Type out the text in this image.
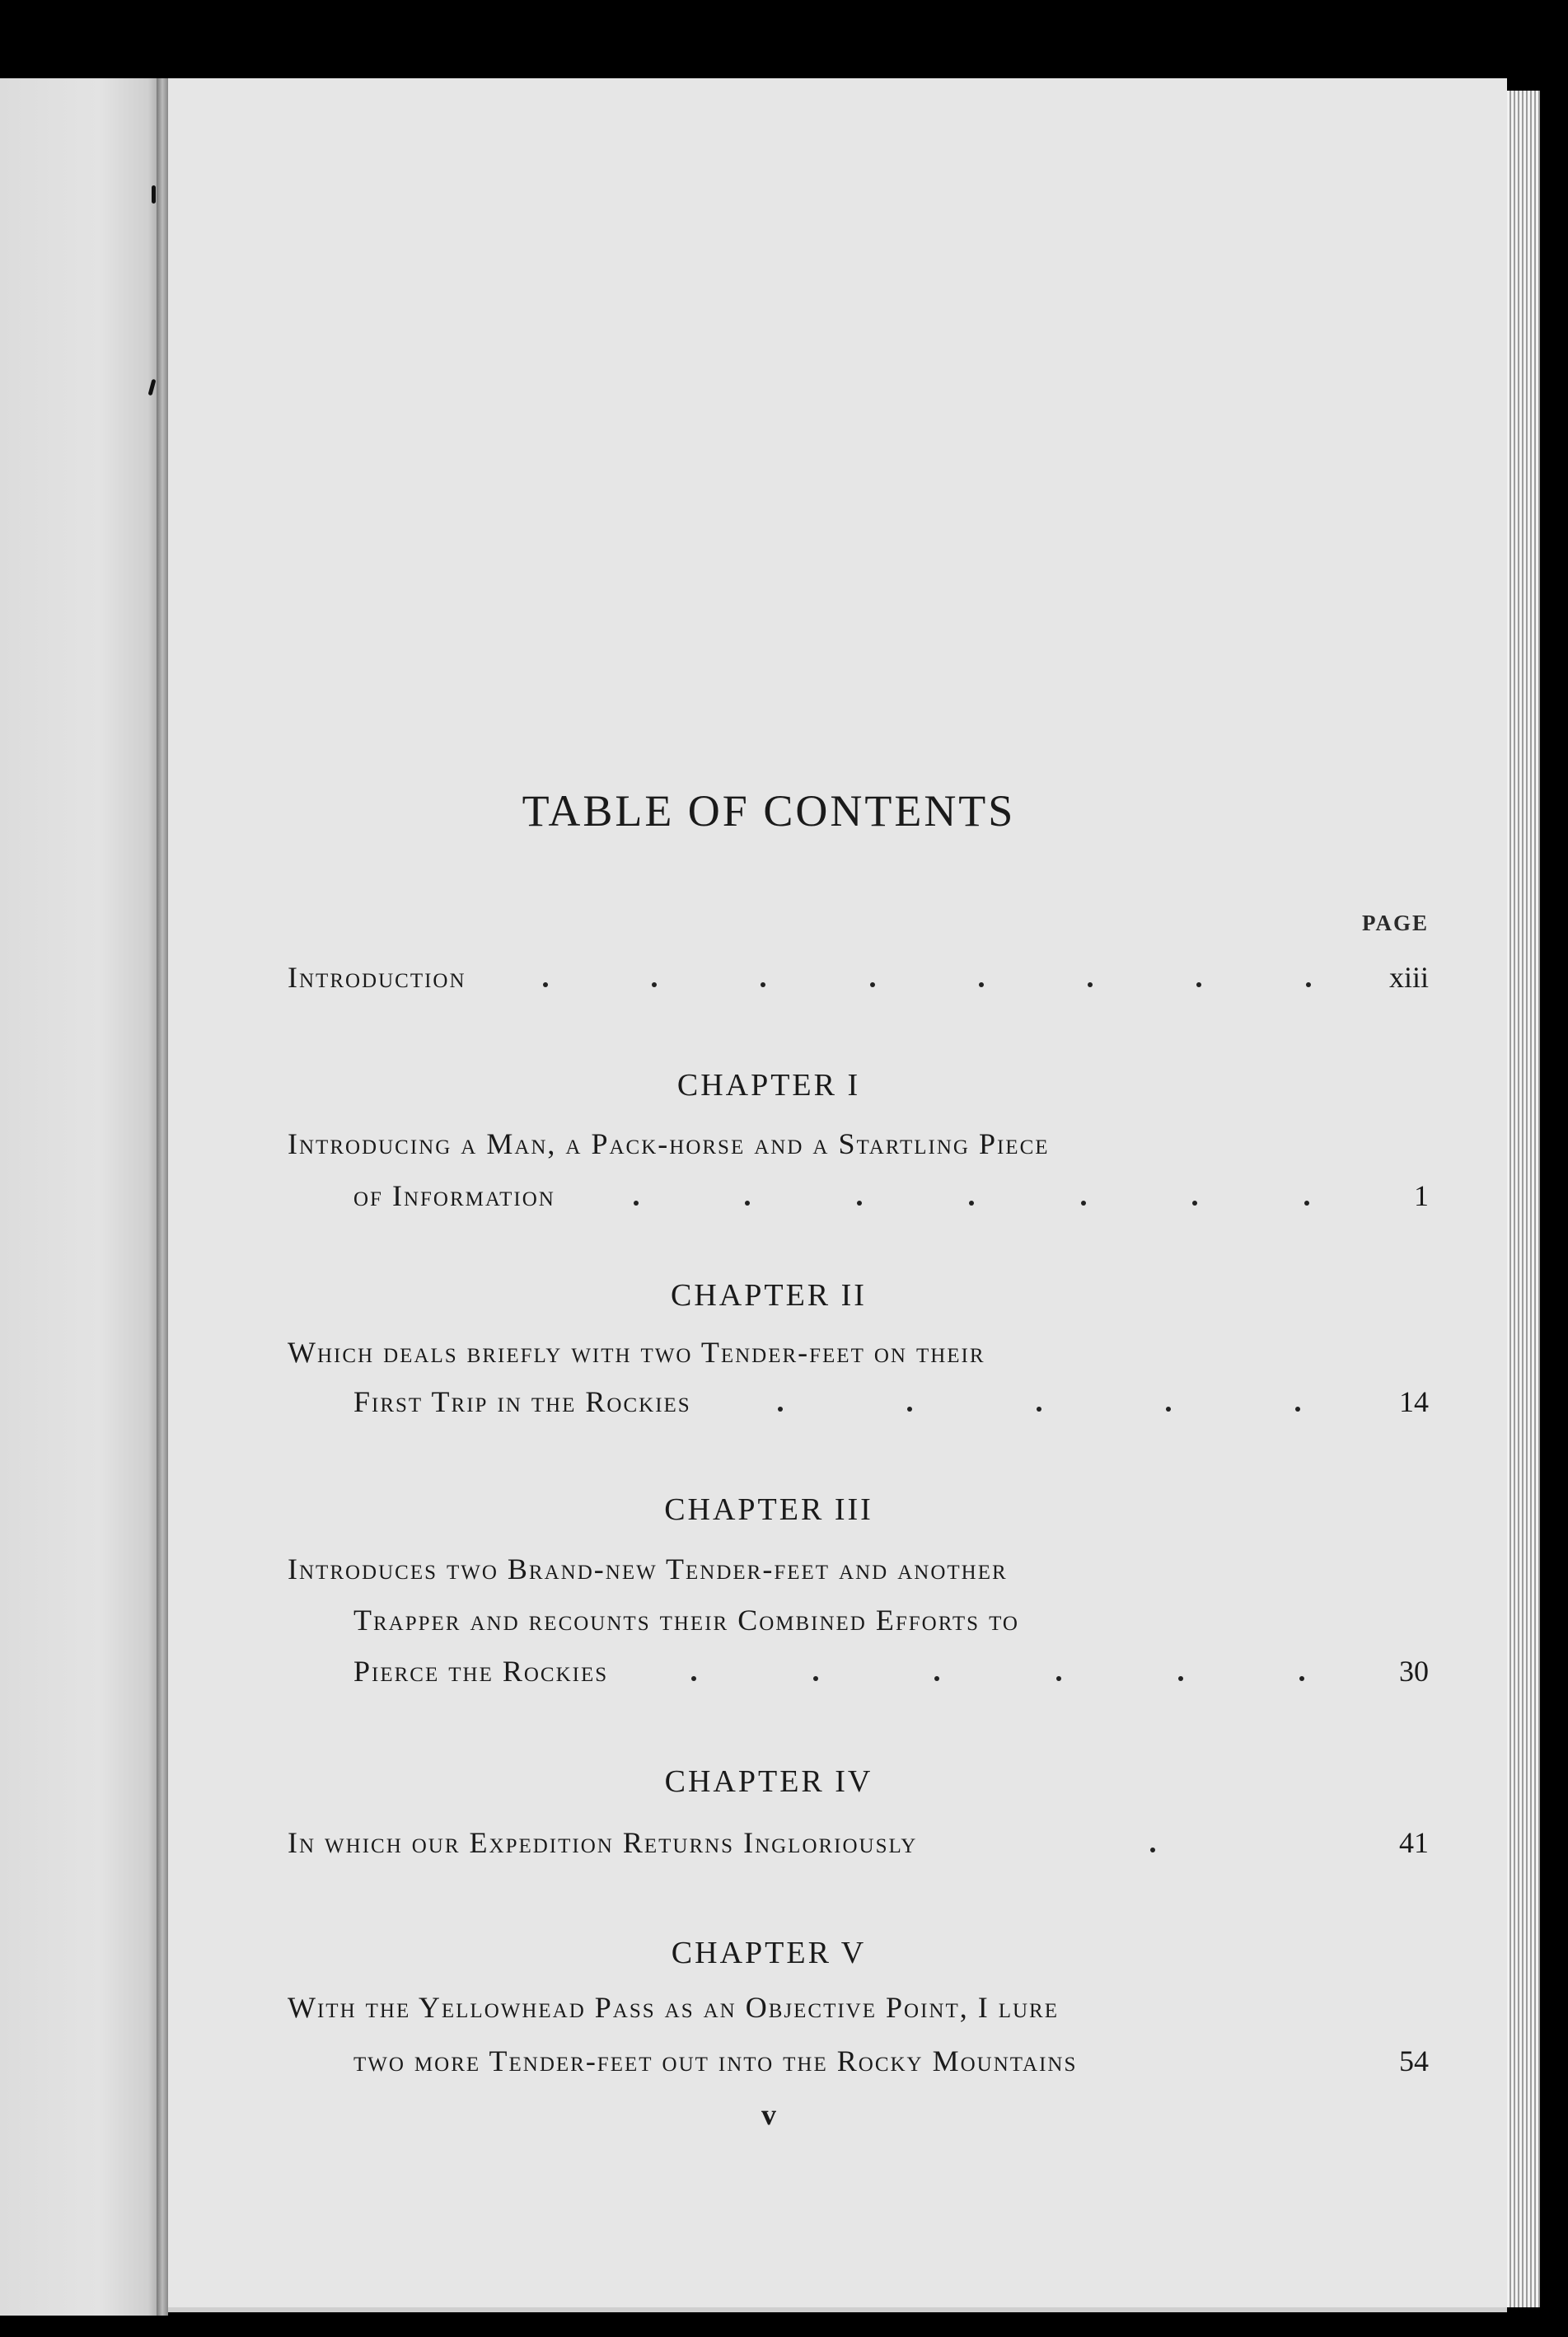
TABLE OF CONTENTS
PAGE
Introduction	xiii
CHAPTER I
Introducing a Man, a Pack-horse and a Startling Piece
of Information	1
CHAPTER II
Which deals briefly with two Tender-feet on their
First Trip in the Rockies	14
CHAPTER III
Introduces two Brand-new Tender-feet and another
Trapper and recounts their Combined Efforts to
Pierce the Rockies	30
CHAPTER IV
In which our Expedition Returns Ingloriously	41
CHAPTER V
With the Yellowhead Pass as an Objective Point, I lure
two more Tender-feet out into the Rocky Mountains	54
v
